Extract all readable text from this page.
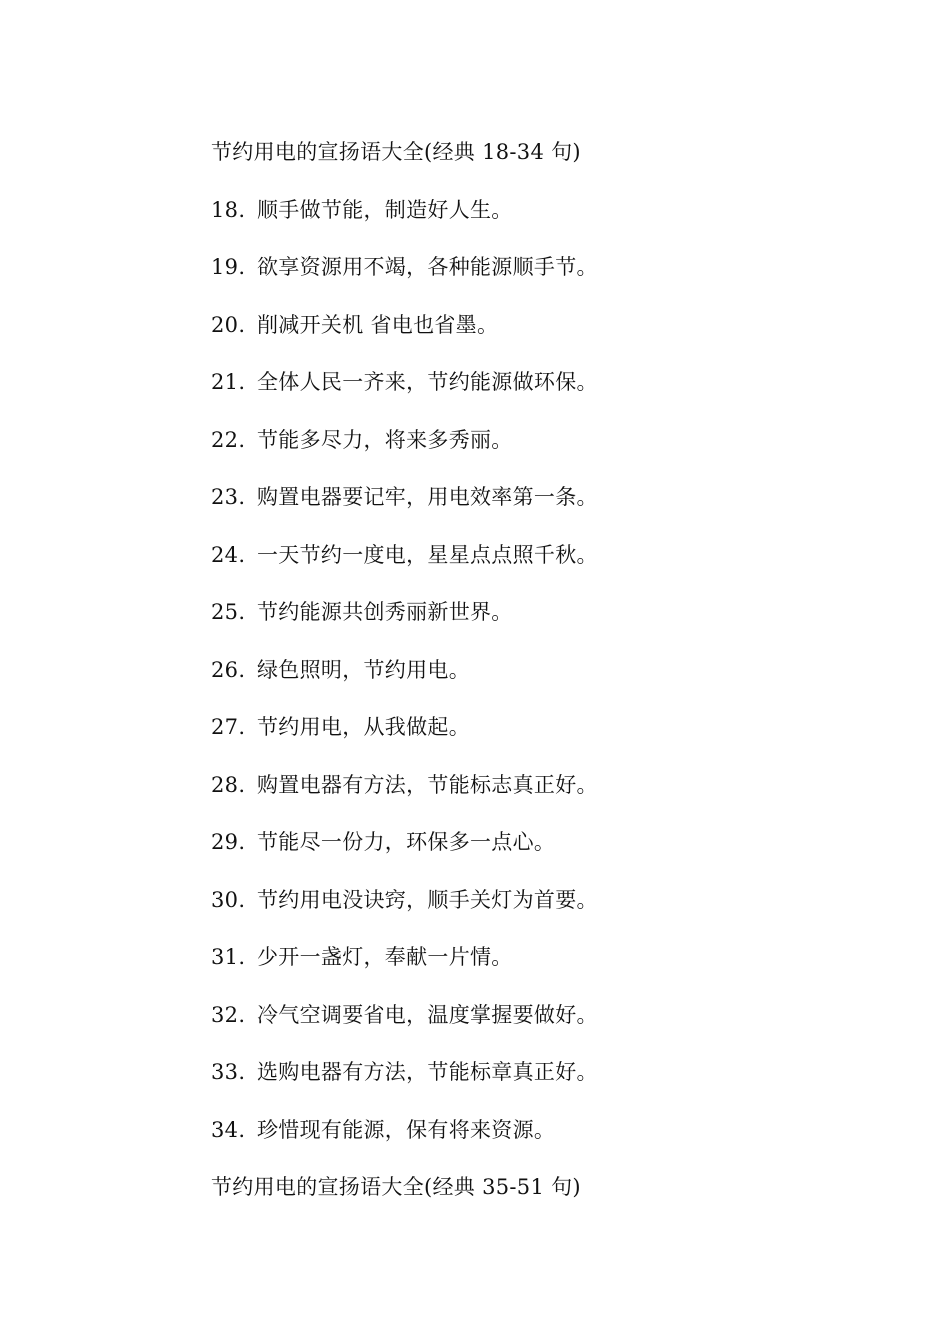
节约用电的宣扬语大全(经典 18-34 句)
18. 顺手做节能，制造好人生。
19. 欲享资源用不竭，各种能源顺手节。
20. 削减开关机 省电也省墨。
21. 全体人民一齐来，节约能源做环保。
22. 节能多尽力，将来多秀丽。
23. 购置电器要记牢，用电效率第一条。
24. 一天节约一度电，星星点点照千秋。
25. 节约能源共创秀丽新世界。
26. 绿色照明，节约用电。
27. 节约用电，从我做起。
28. 购置电器有方法，节能标志真正好。
29. 节能尽一份力，环保多一点心。
30. 节约用电没诀窍，顺手关灯为首要。
31. 少开一盏灯，奉献一片情。
32. 冷气空调要省电，温度掌握要做好。
33. 选购电器有方法，节能标章真正好。
34. 珍惜现有能源，保有将来资源。
节约用电的宣扬语大全(经典 35-51 句)
